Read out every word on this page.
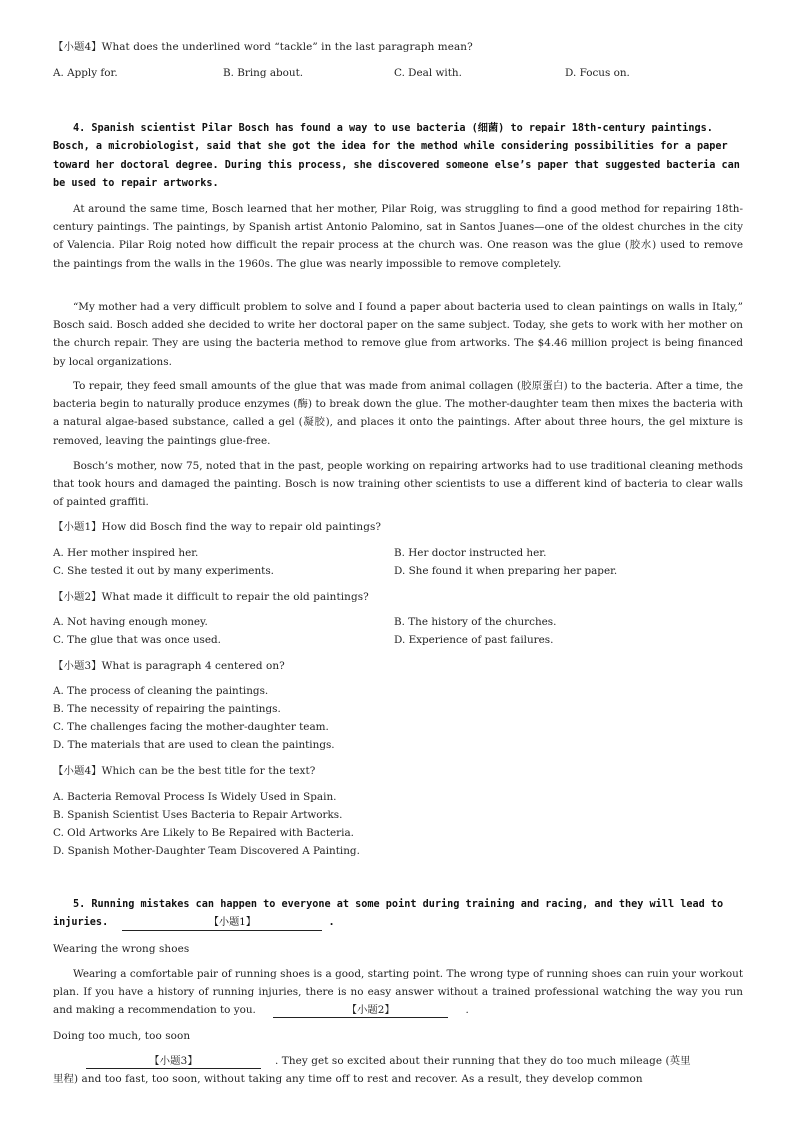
【小题4】What does the underlined word “tackle” in the last paragraph mean?
A. Apply for.	B. Bring about.	C. Deal with.	D. Focus on.
4. Spanish scientist Pilar Bosch has found a way to use bacteria (细菌) to repair 18th-century paintings. Bosch, a microbiologist, said that she got the idea for the method while considering possibilities for a paper toward her doctoral degree. During this process, she discovered someone else’s paper that suggested bacteria can be used to repair artworks.
At around the same time, Bosch learned that her mother, Pilar Roig, was struggling to find a good method for repairing 18th-century paintings. The paintings, by Spanish artist Antonio Palomino, sat in Santos Juanes—one of the oldest churches in the city of Valencia. Pilar Roig noted how difficult the repair process at the church was. One reason was the glue (胶水) used to remove the paintings from the walls in the 1960s. The glue was nearly impossible to remove completely.
“My mother had a very difficult problem to solve and I found a paper about bacteria used to clean paintings on walls in Italy,” Bosch said. Bosch added she decided to write her doctoral paper on the same subject. Today, she gets to work with her mother on the church repair. They are using the bacteria method to remove glue from artworks. The $4.46 million project is being financed by local organizations.
To repair, they feed small amounts of the glue that was made from animal collagen (胶原蛋白) to the bacteria. After a time, the bacteria begin to naturally produce enzymes (酶) to break down the glue. The mother-daughter team then mixes the bacteria with a natural algae-based substance, called a gel (凝胶), and places it onto the paintings. After about three hours, the gel mixture is removed, leaving the paintings glue-free.
Bosch’s mother, now 75, noted that in the past, people working on repairing artworks had to use traditional cleaning methods that took hours and damaged the painting. Bosch is now training other scientists to use a different kind of bacteria to clear walls of painted graffiti.
【小题1】How did Bosch find the way to repair old paintings?
A. Her mother inspired her.	B. Her doctor instructed her.
C. She tested it out by many experiments.	D. She found it when preparing her paper.
【小题2】What made it difficult to repair the old paintings?
A. Not having enough money.	B. The history of the churches.
C. The glue that was once used.	D. Experience of past failures.
【小题3】What is paragraph 4 centered on?
A. The process of cleaning the paintings.
B. The necessity of repairing the paintings.
C. The challenges facing the mother-daughter team.
D. The materials that are used to clean the paintings.
【小题4】Which can be the best title for the text?
A. Bacteria Removal Process Is Widely Used in Spain.
B. Spanish Scientist Uses Bacteria to Repair Artworks.
C. Old Artworks Are Likely to Be Repaired with Bacteria.
D. Spanish Mother-Daughter Team Discovered A Painting.
5. Running mistakes can happen to everyone at some point during training and racing, and they will lead to injuries.	【小题1】	.
Wearing the wrong shoes
Wearing a comfortable pair of running shoes is a good, starting point. The wrong type of running shoes can ruin your workout plan. If you have a history of running injuries, there is no easy answer without a trained professional watching the way you run and making a recommendation to you.	【小题2】	.
Doing too much, too soon
【小题3】	. They get so excited about their running that they do too much mileage (英里
里程) and too fast, too soon, without taking any time off to rest and recover. As a result, they develop common
